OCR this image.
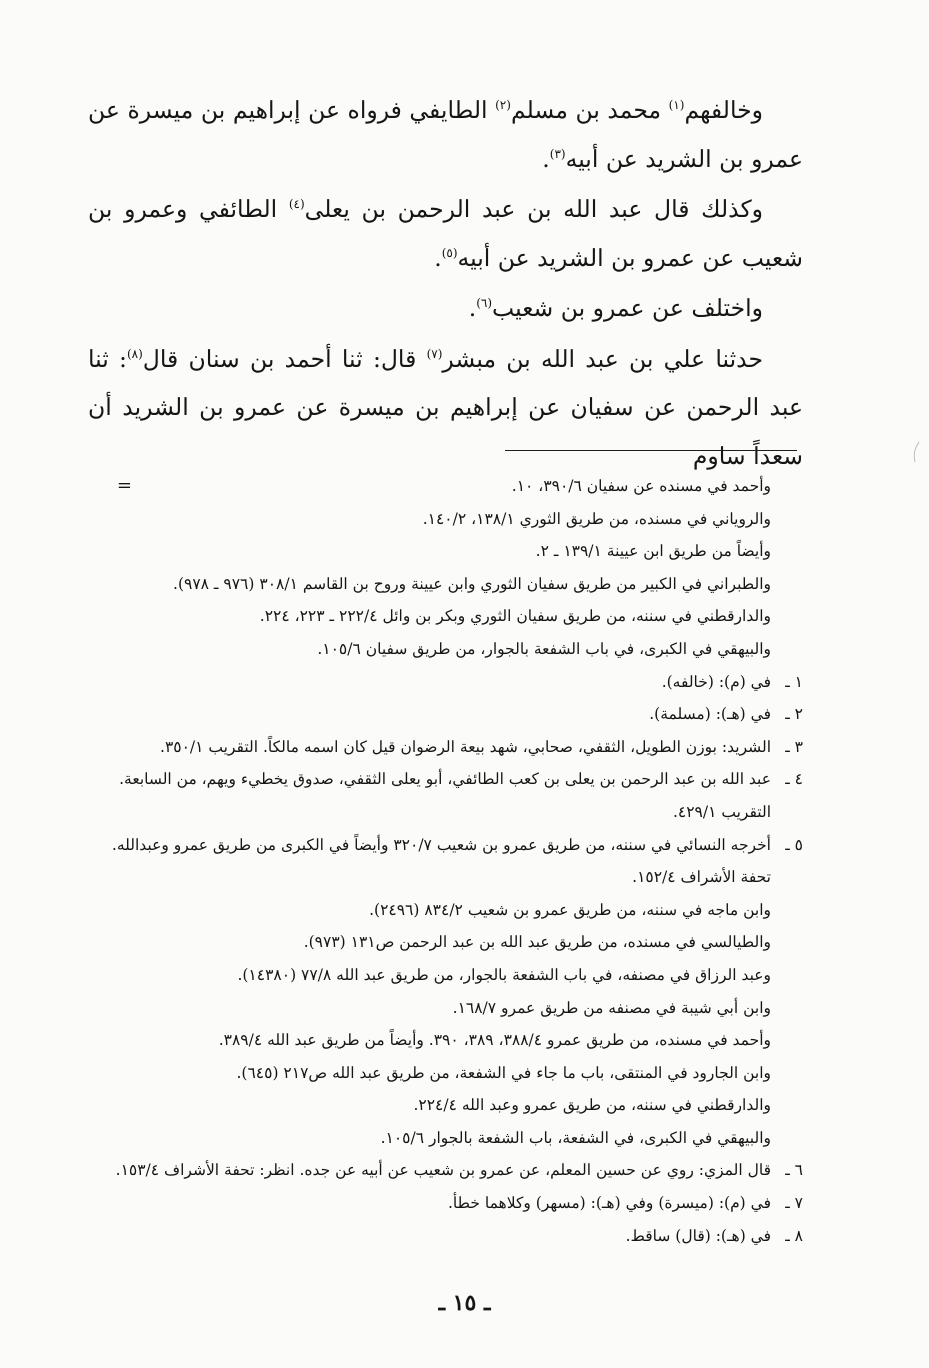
وخالفهم$^{(١)}$ محمد بن مسلم$^{(٢)}$ الطايفي فرواه عن إبراهيم بن ميسرة عن عمرو بن الشريد عن أبيه$^{(٣)}$.

وكذلك قال عبد الله بن عبد الرحمن بن يعلى$^{(٤)}$ الطائفي وعمرو بن شعيب عن عمرو بن الشريد عن أبيه$^{(٥)}$.

واختلف عن عمرو بن شعيب$^{(٦)}$.

حدثنا علي بن عبد الله بن مبشر$^{(٧)}$ قال: ثنا أحمد بن سنان قال$^{(٨)}$: ثنا عبد الرحمن عن سفيان عن إبراهيم بن ميسرة عن عمرو بن الشريد أن سعداً ساوم

=	وأحمد في مسنده عن سفيان ٣٩٠/٦، ١٠.
والروياني في مسنده، من طريق الثوري ١٣٨/١، ١٤٠/٢.
وأيضاً من طريق ابن عيينة ١٣٩/١ ـ ٢.
والطبراني في الكبير من طريق سفيان الثوري وابن عيينة وروح بن القاسم ٣٠٨/١ (٩٧٦ ـ ٩٧٨).
والدارقطني في سننه، من طريق سفيان الثوري وبكر بن وائل ٢٢٢/٤ ـ ٢٢٣، ٢٢٤.
والبيهقي في الكبرى، في باب الشفعة بالجوار، من طريق سفيان ١٠٥/٦.
١ ـ
في (م): (خالفه).
٢ ـ
في (هـ): (مسلمة).
٣ ـ
الشريد: بوزن الطويل، الثقفي، صحابي، شهد بيعة الرضوان قيل كان اسمه مالكاً. التقريب ٣٥٠/١.
٤ ـ
عبد الله بن عبد الرحمن بن يعلى بن كعب الطائفي، أبو يعلى الثقفي، صدوق يخطيء ويهم، من السابعة.
التقريب ٤٢٩/١.
٥ ـ
أخرجه النسائي في سننه، من طريق عمرو بن شعيب ٣٢٠/٧ وأيضاً في الكبرى من طريق عمرو وعبدالله. تحفة الأشراف ١٥٢/٤.
وابن ماجه في سننه، من طريق عمرو بن شعيب ٨٣٤/٢ (٢٤٩٦).
والطيالسي في مسنده، من طريق عبد الله بن عبد الرحمن ص١٣١ (٩٧٣).
وعبد الرزاق في مصنفه، في باب الشفعة بالجوار، من طريق عبد الله ٧٧/٨ (١٤٣٨٠).
وابن أبي شيبة في مصنفه من طريق عمرو ١٦٨/٧.
وأحمد في مسنده، من طريق عمرو ٣٨٨/٤، ٣٨٩، ٣٩٠. وأيضاً من طريق عبد الله ٣٨٩/٤.
وابن الجارود في المنتقى، باب ما جاء في الشفعة، من طريق عبد الله ص٢١٧ (٦٤٥).
والدارقطني في سننه، من طريق عمرو وعبد الله ٢٢٤/٤.
والبيهقي في الكبرى، في الشفعة، باب الشفعة بالجوار ١٠٥/٦.
٦ ـ
قال المزي: روي عن حسين المعلم، عن عمرو بن شعيب عن أبيه عن جده. انظر: تحفة الأشراف ١٥٣/٤.
٧ ـ
في (م): (ميسرة) وفي (هـ): (مسهر) وكلاهما خطأ.
٨ ـ
في (هـ): (قال) ساقط.
ـ ١٥ ـ
